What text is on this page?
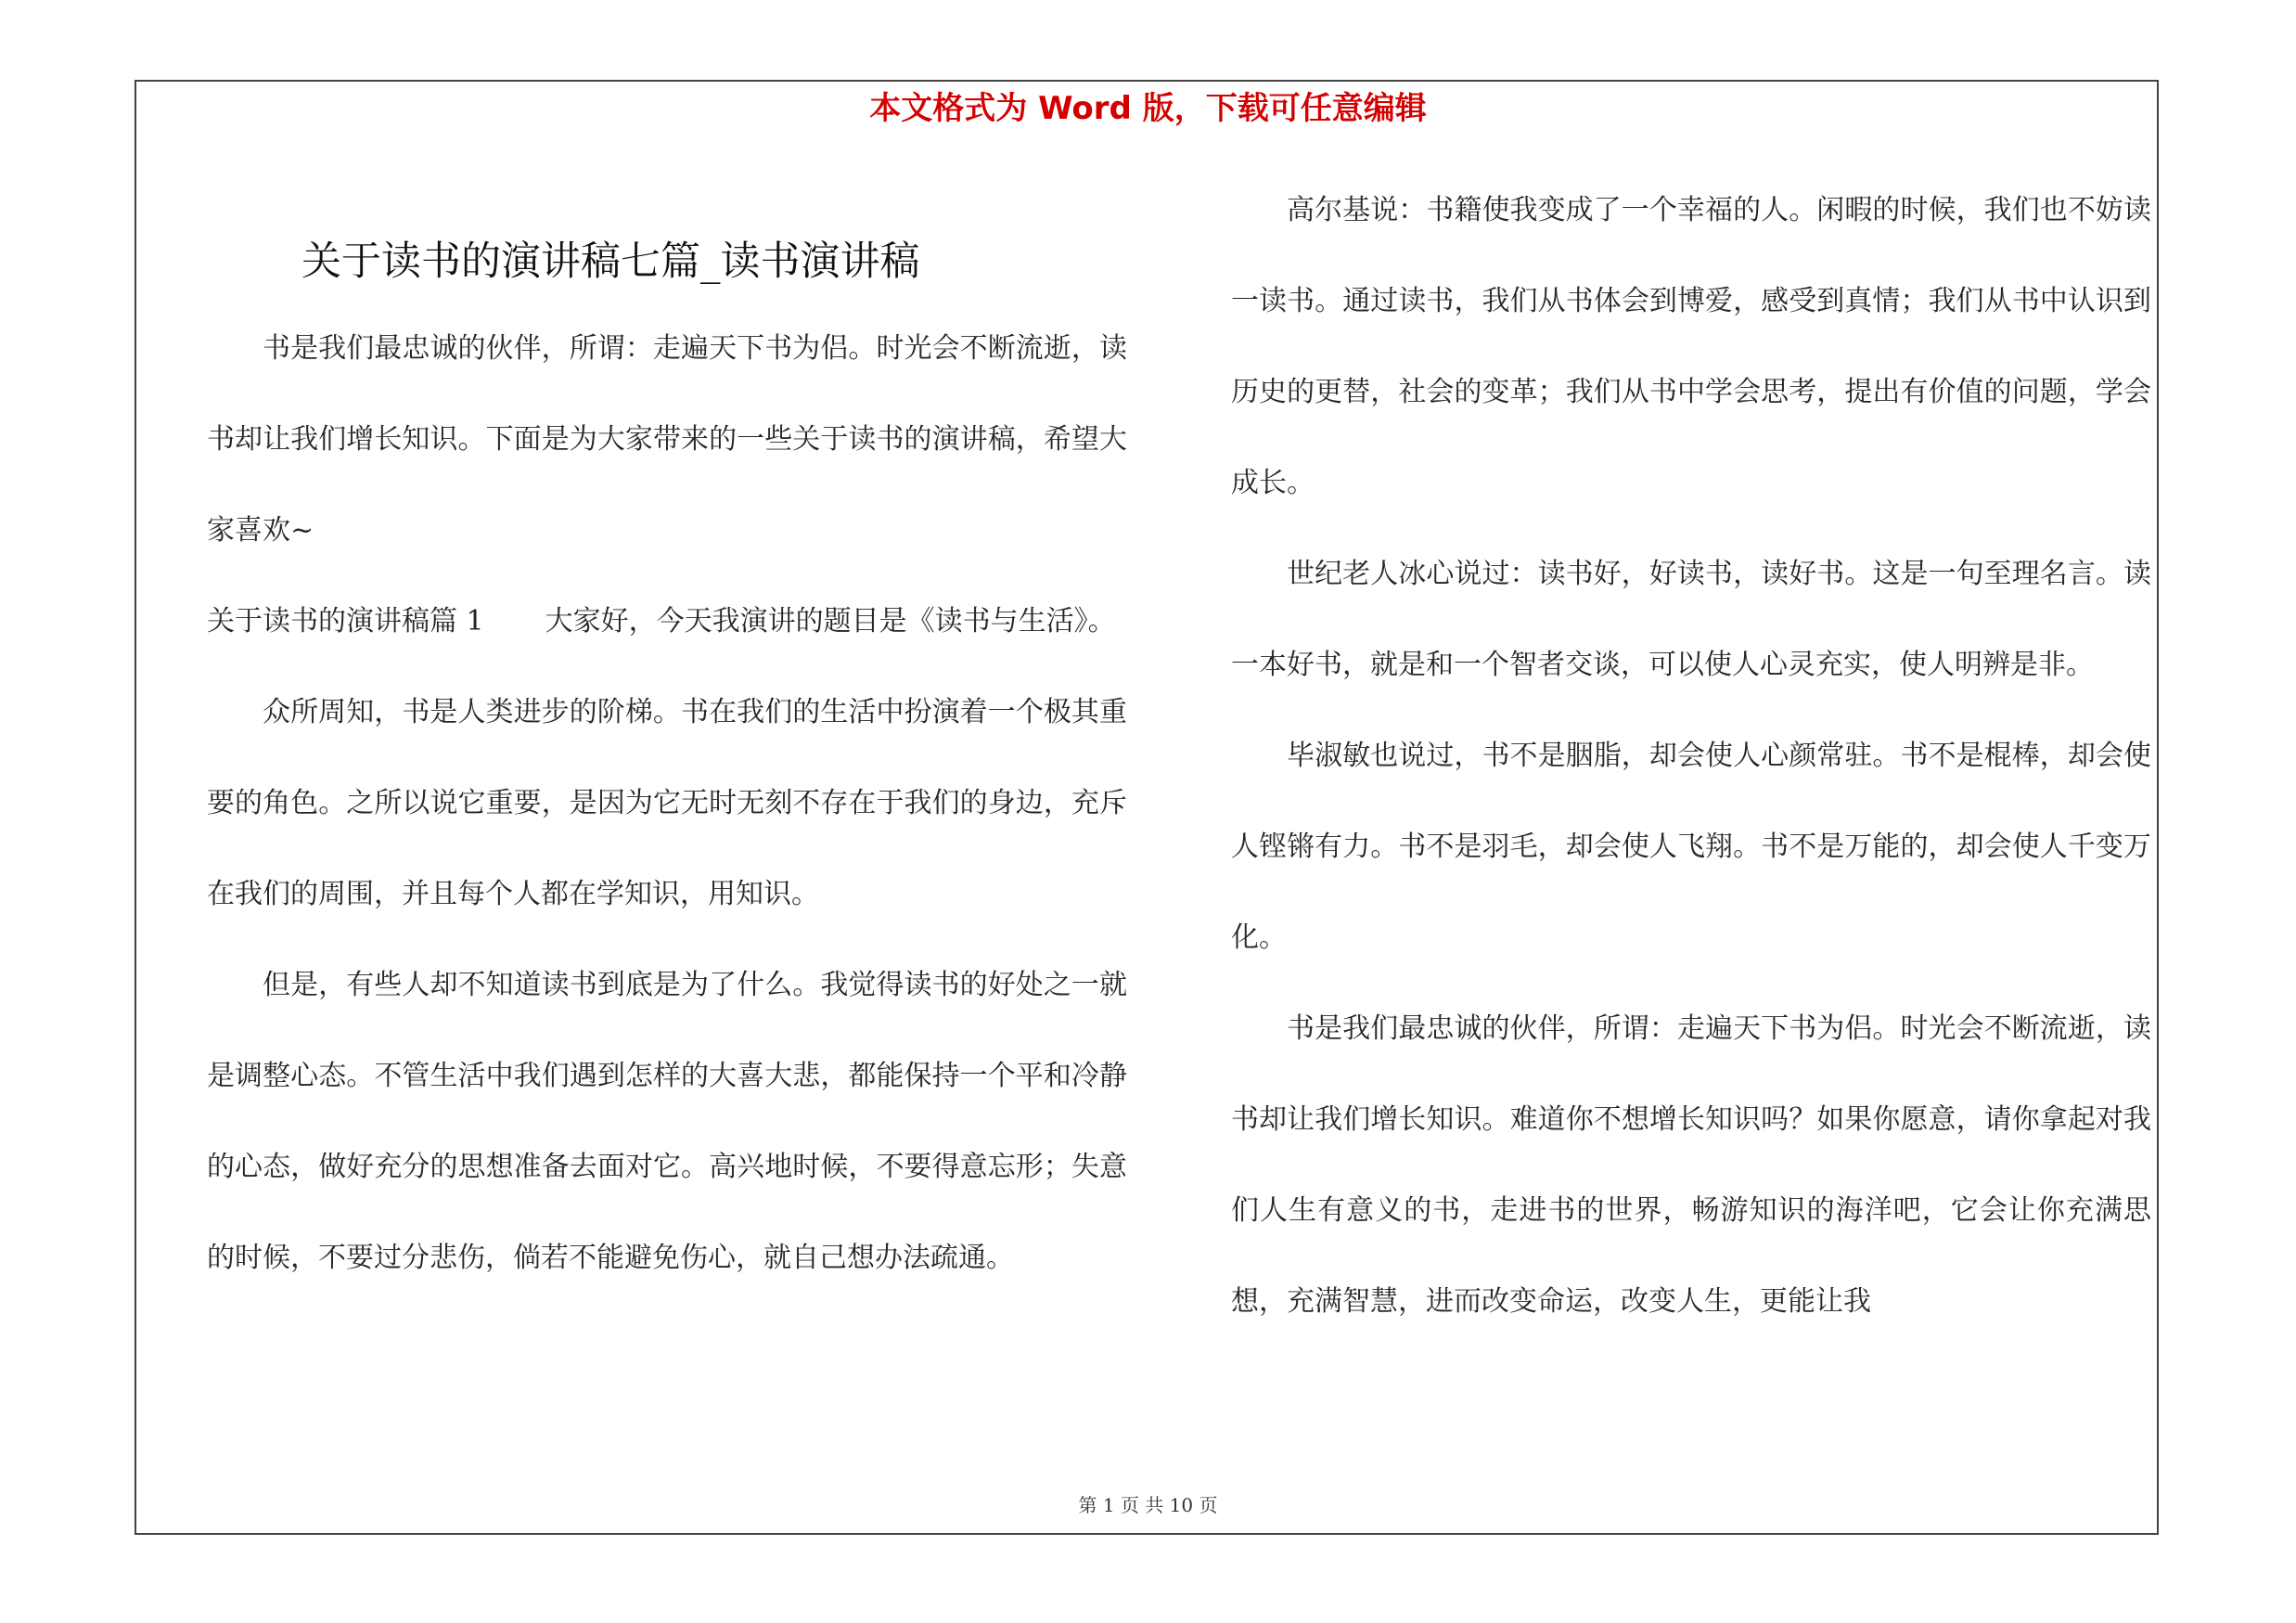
本文格式为 Word 版，下载可任意编辑
关于读书的演讲稿七篇_读书演讲稿

书是我们最忠诚的伙伴，所谓：走遍天下书为侣。时光会不断流逝，读书却让我们增长知识。下面是为大家带来的一些关于读书的演讲稿，希望大家喜欢~

关于读书的演讲稿篇 1 大家好，今天我演讲的题目是《读书与生活》。

众所周知，书是人类进步的阶梯。书在我们的生活中扮演着一个极其重要的角色。之所以说它重要，是因为它无时无刻不存在于我们的身边，充斥在我们的周围，并且每个人都在学知识，用知识。

但是，有些人却不知道读书到底是为了什么。我觉得读书的好处之一就是调整心态。不管生活中我们遇到怎样的大喜大悲，都能保持一个平和冷静的心态，做好充分的思想准备去面对它。高兴地时候，不要得意忘形；失意的时候，不要过分悲伤，倘若不能避免伤心，就自己想办法疏通。

高尔基说：书籍使我变成了一个幸福的人。闲暇的时候，我们也不妨读一读书。通过读书，我们从书体会到博爱，感受到真情；我们从书中认识到历史的更替，社会的变革；我们从书中学会思考，提出有价值的问题，学会成长。

世纪老人冰心说过：读书好，好读书，读好书。这是一句至理名言。读一本好书，就是和一个智者交谈，可以使人心灵充实，使人明辨是非。

毕淑敏也说过，书不是胭脂，却会使人心颜常驻。书不是棍棒，却会使人铿锵有力。书不是羽毛，却会使人飞翔。书不是万能的，却会使人千变万化。

书是我们最忠诚的伙伴，所谓：走遍天下书为侣。时光会不断流逝，读书却让我们增长知识。难道你不想增长知识吗？如果你愿意，请你拿起对我们人生有意义的书，走进书的世界，畅游知识的海洋吧，它会让你充满思想，充满智慧，进而改变命运，改变人生，更能让我

第 1 页 共 10 页
